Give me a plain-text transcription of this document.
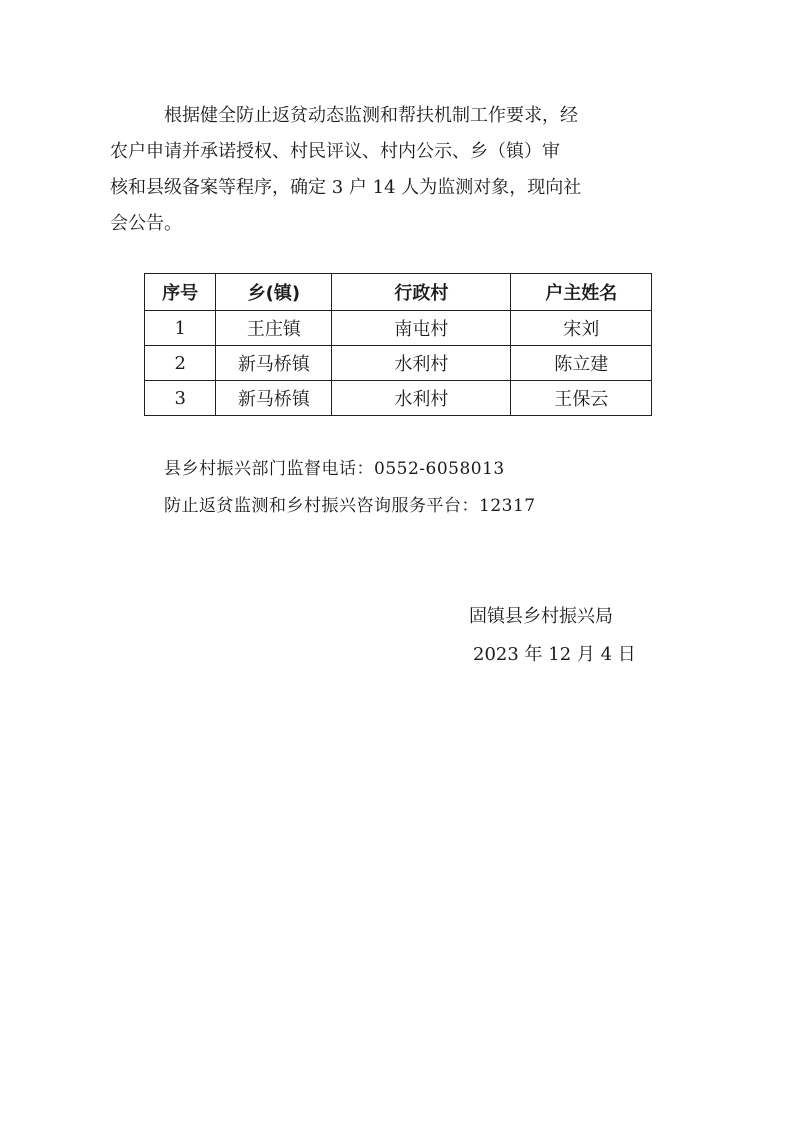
根据健全防止返贫动态监测和帮扶机制工作要求，经
农户申请并承诺授权、村民评议、村内公示、乡（镇）审
核和县级备案等程序，确定 3 户 14 人为监测对象，现向社
会公告。
序号	乡(镇)	行政村	户主姓名
1	王庄镇	南屯村	宋刘
2	新马桥镇	水利村	陈立建
3	新马桥镇	水利村	王保云
县乡村振兴部门监督电话：0552-6058013
防止返贫监测和乡村振兴咨询服务平台：12317
固镇县乡村振兴局
2023 年 12 月 4 日
